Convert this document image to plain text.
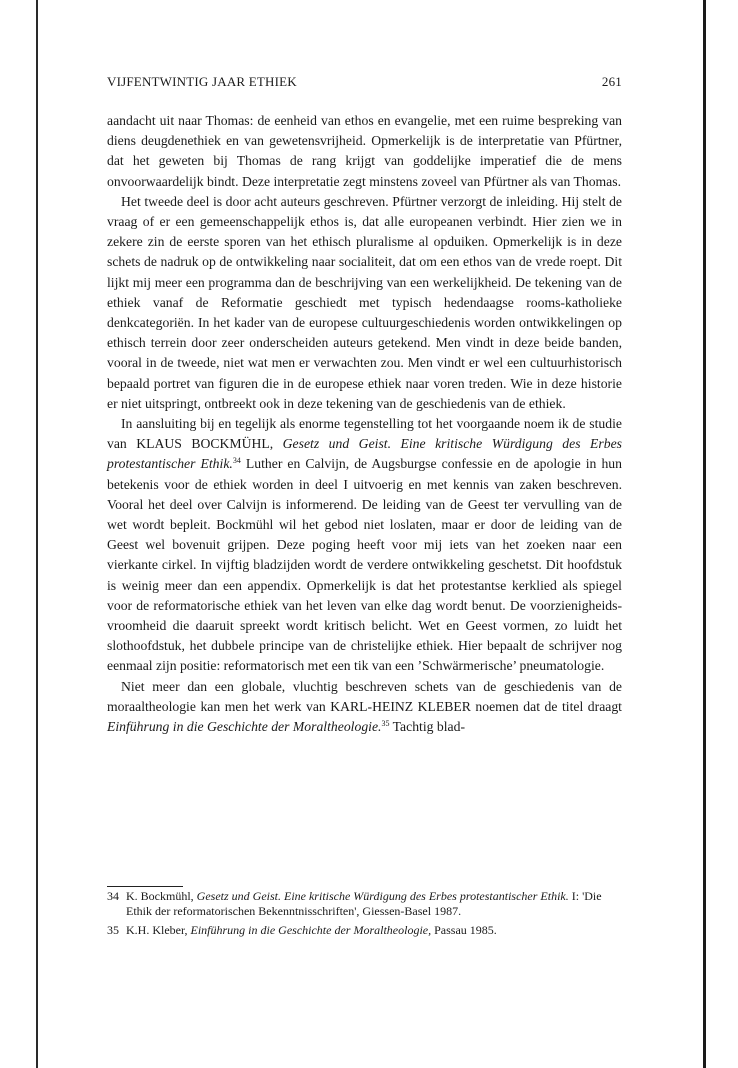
VIJFENTWINTIG JAAR ETHIEK	261

aandacht uit naar Thomas: de eenheid van ethos en evangelie, met een ruime bespreking van diens deugdenethiek en van gewetensvrijheid. Opmerkelijk is de interpretatie van Pfürtner, dat het geweten bij Thomas de rang krijgt van goddelijke imperatief die de mens onvoorwaardelijk bindt. Deze interpretatie zegt minstens zoveel van Pfürtner als van Thomas.

Het tweede deel is door acht auteurs geschreven. Pfürtner verzorgt de inleiding. Hij stelt de vraag of er een gemeenschappelijk ethos is, dat alle europeanen verbindt. Hier zien we in zekere zin de eerste sporen van het ethisch pluralisme al opduiken. Opmerkelijk is in deze schets de nadruk op de ontwikkeling naar socialiteit, dat om een ethos van de vrede roept. Dit lijkt mij meer een programma dan de beschrijving van een werkelijkheid. De tekening van de ethiek vanaf de Reformatie geschiedt met typisch hedendaagse rooms-katholieke denkcategoriën. In het kader van de europese cultuurgeschiedenis worden ontwikkelingen op ethisch terrein door zeer onderscheiden auteurs getekend. Men vindt in deze beide banden, vooral in de tweede, niet wat men er verwachten zou. Men vindt er wel een cultuurhistorisch bepaald portret van figuren die in de europese ethiek naar voren treden. Wie in deze historie er niet uitspringt, ontbreekt ook in deze tekening van de geschiedenis van de ethiek.

In aansluiting bij en tegelijk als enorme tegenstelling tot het voorgaande noem ik de studie van KLAUS BOCKMÜHL, Gesetz und Geist. Eine kritische Würdigung des Erbes protestantischer Ethik.$^{34}$ Luther en Calvijn, de Augsburgse confessie en de apologie in hun betekenis voor de ethiek worden in deel I uitvoerig en met kennis van zaken beschreven. Vooral het deel over Calvijn is informerend. De leiding van de Geest ter vervulling van de wet wordt bepleit. Bockmühl wil het gebod niet loslaten, maar er door de leiding van de Geest wel bovenuit grijpen. Deze poging heeft voor mij iets van het zoeken naar een vierkante cirkel. In vijftig bladzijden wordt de verdere ontwikkeling geschetst. Dit hoofdstuk is weinig meer dan een appendix. Opmerkelijk is dat het protestantse kerklied als spiegel voor de reformatorische ethiek van het leven van elke dag wordt benut. De voorzienigheids-vroomheid die daaruit spreekt wordt kritisch belicht. Wet en Geest vormen, zo luidt het slothoofdstuk, het dubbele principe van de christelijke ethiek. Hier bepaalt de schrijver nog eenmaal zijn positie: reformatorisch met een tik van een ’Schwärmerische’ pneumatologie.

Niet meer dan een globale, vluchtig beschreven schets van de geschiedenis van de moraaltheologie kan men het werk van KARL-HEINZ KLEBER noemen dat de titel draagt Einführung in die Geschichte der Moraltheologie.$^{35}$ Tachtig blad-

34 K. Bockmühl, Gesetz und Geist. Eine kritische Würdigung des Erbes protestantischer Ethik. I: 'Die Ethik der reformatorischen Bekenntnisschriften', Giessen-Basel 1987.
35 K.H. Kleber, Einführung in die Geschichte der Moraltheologie, Passau 1985.
